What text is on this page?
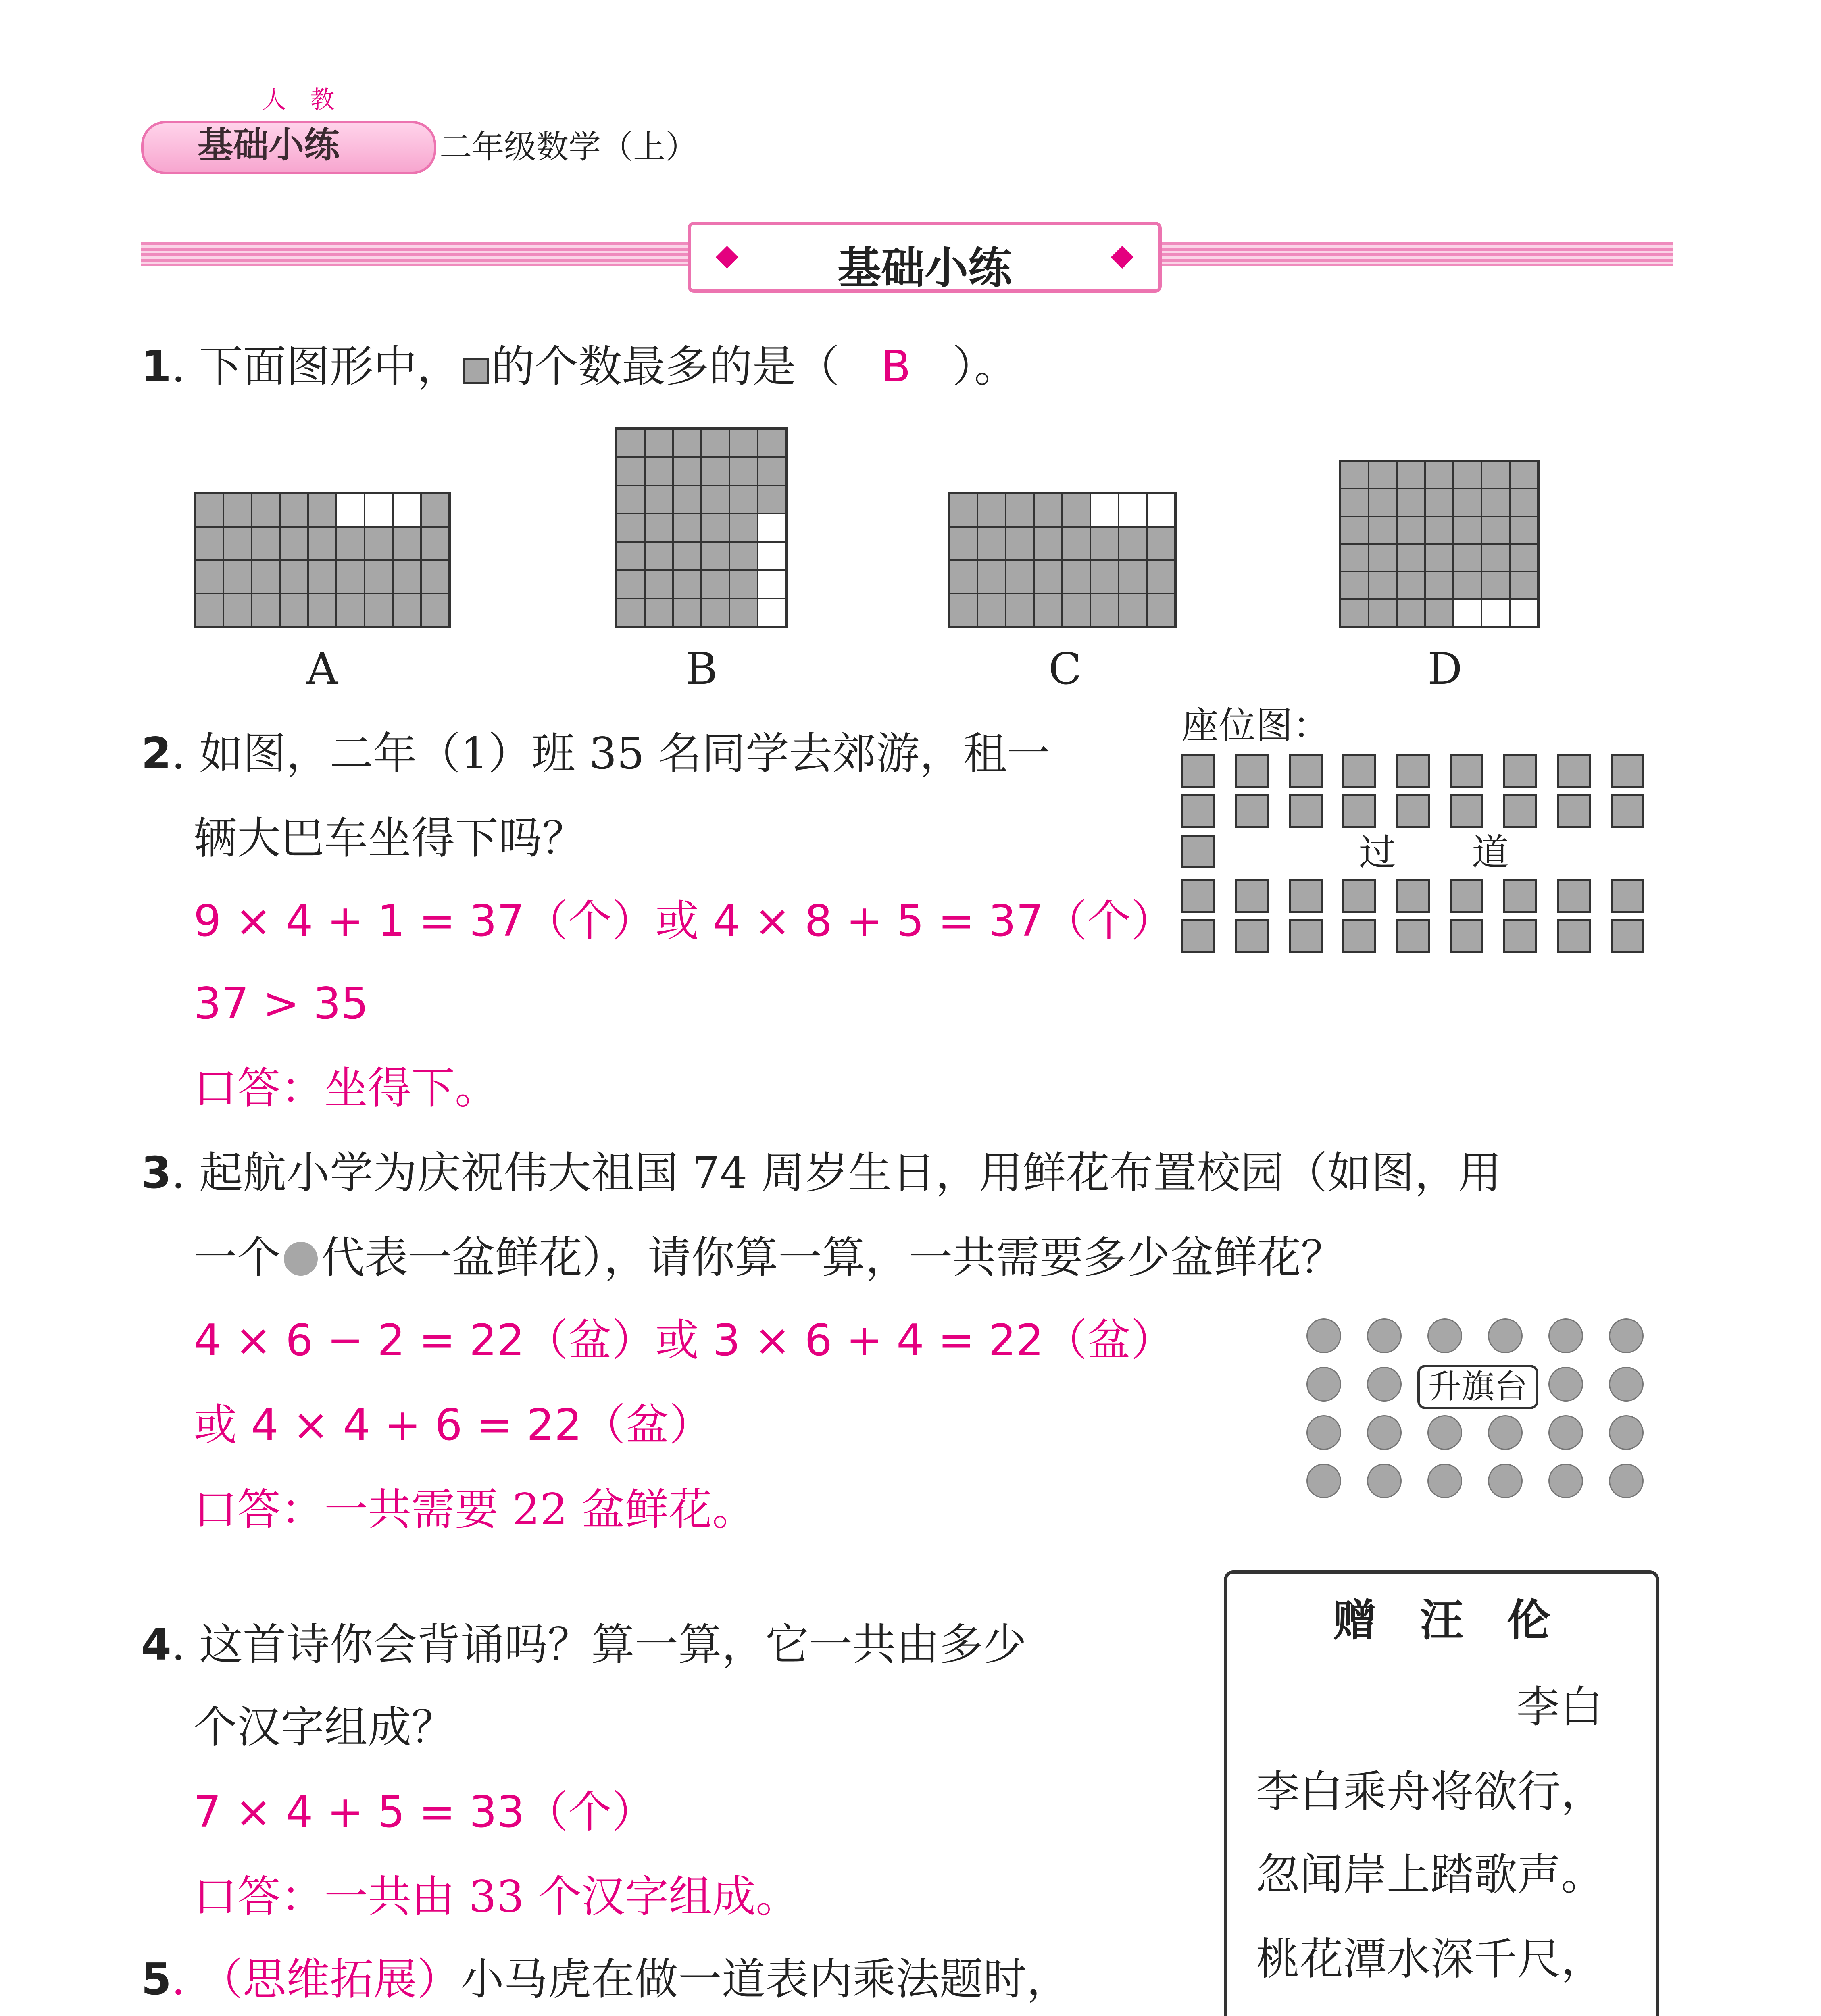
人 教
基础小练	二年级数学（上）
基础小练
1. 下面图形中， 的个数最多的是（ B ）。
A	B	C	D
2. 如图，二年（1）班 35 名同学去郊游，租一
辆大巴车坐得下吗？
9 × 4 + 1 = 37（个）或 4 × 8 + 5 = 37（个）
37 > 35
口答：坐得下。
座位图：
过 道
3. 起航小学为庆祝伟大祖国 74 周岁生日，用鲜花布置校园（如图，用
一个 代表一盆鲜花），请你算一算，一共需要多少盆鲜花？
4 × 6 − 2 = 22（盆）或 3 × 6 + 4 = 22（盆）
或 4 × 4 + 6 = 22（盆）
口答：一共需要 22 盆鲜花。
升旗台
4. 这首诗你会背诵吗？算一算，它一共由多少
个汉字组成？
7 × 4 + 5 = 33（个）
口答：一共由 33 个汉字组成。
赠　汪　伦
李白
李白乘舟将欲行，
忽闻岸上踏歌声。
桃花潭水深千尺，
5. （思维拓展）小马虎在做一道表内乘法题时，
